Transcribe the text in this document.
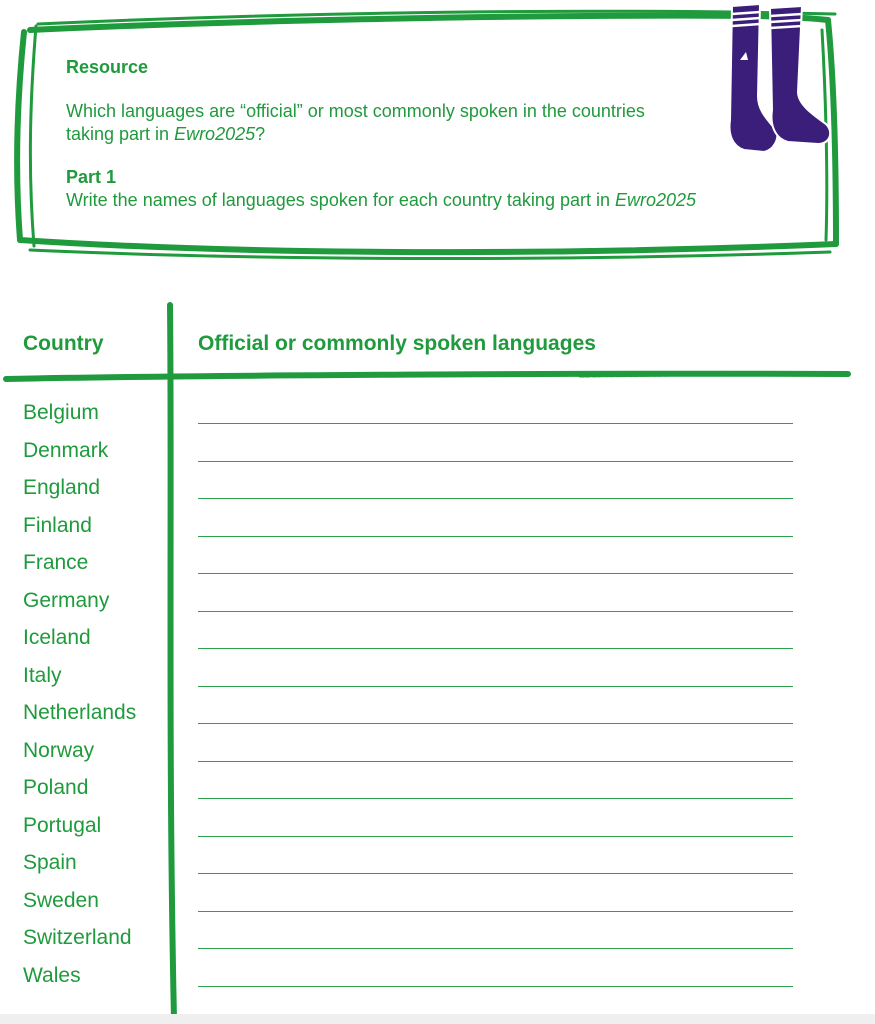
Resource
Which languages are “official” or most commonly spoken in the countries
taking part in Ewro2025?
Part 1
Write the names of languages spoken for each country taking part in Ewro2025
Country	Official or commonly spoken languages
Belgium
Denmark
England
Finland
France
Germany
Iceland
Italy
Netherlands
Norway
Poland
Portugal
Spain
Sweden
Switzerland
Wales
